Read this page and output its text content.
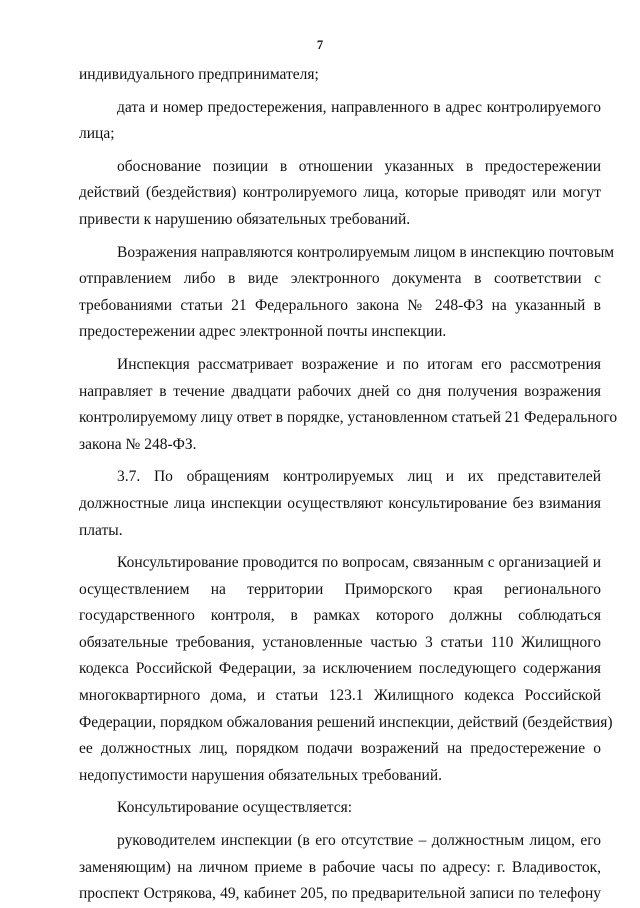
7
индивидуального предпринимателя;
дата и номер предостережения, направленного в адрес контролируемого
лица;
обоснование позиции в отношении указанных в предостережении
действий (бездействия) контролируемого лица, которые приводят или могут
привести к нарушению обязательных требований.
Возражения направляются контролируемым лицом в инспекцию почтовым
отправлением либо в виде электронного документа в соответствии с
требованиями статьи 21 Федерального закона № 248-ФЗ на указанный в
предостережении адрес электронной почты инспекции.
Инспекция рассматривает возражение и по итогам его рассмотрения
направляет в течение двадцати рабочих дней со дня получения возражения
контролируемому лицу ответ в порядке, установленном статьей 21 Федерального
закона № 248-ФЗ.
3.7. По обращениям контролируемых лиц и их представителей
должностные лица инспекции осуществляют консультирование без взимания
платы.
Консультирование проводится по вопросам, связанным с организацией и
осуществлением на территории Приморского края регионального
государственного контроля, в рамках которого должны соблюдаться
обязательные требования, установленные частью 3 статьи 110 Жилищного
кодекса Российской Федерации, за исключением последующего содержания
многоквартирного дома, и статьи 123.1 Жилищного кодекса Российской
Федерации, порядком обжалования решений инспекции, действий (бездействия)
ее должностных лиц, порядком подачи возражений на предостережение о
недопустимости нарушения обязательных требований.
Консультирование осуществляется:
руководителем инспекции (в его отсутствие – должностным лицом, его
заменяющим) на личном приеме в рабочие часы по адресу: г. Владивосток,
проспект Острякова, 49, кабинет 205, по предварительной записи по телефону
